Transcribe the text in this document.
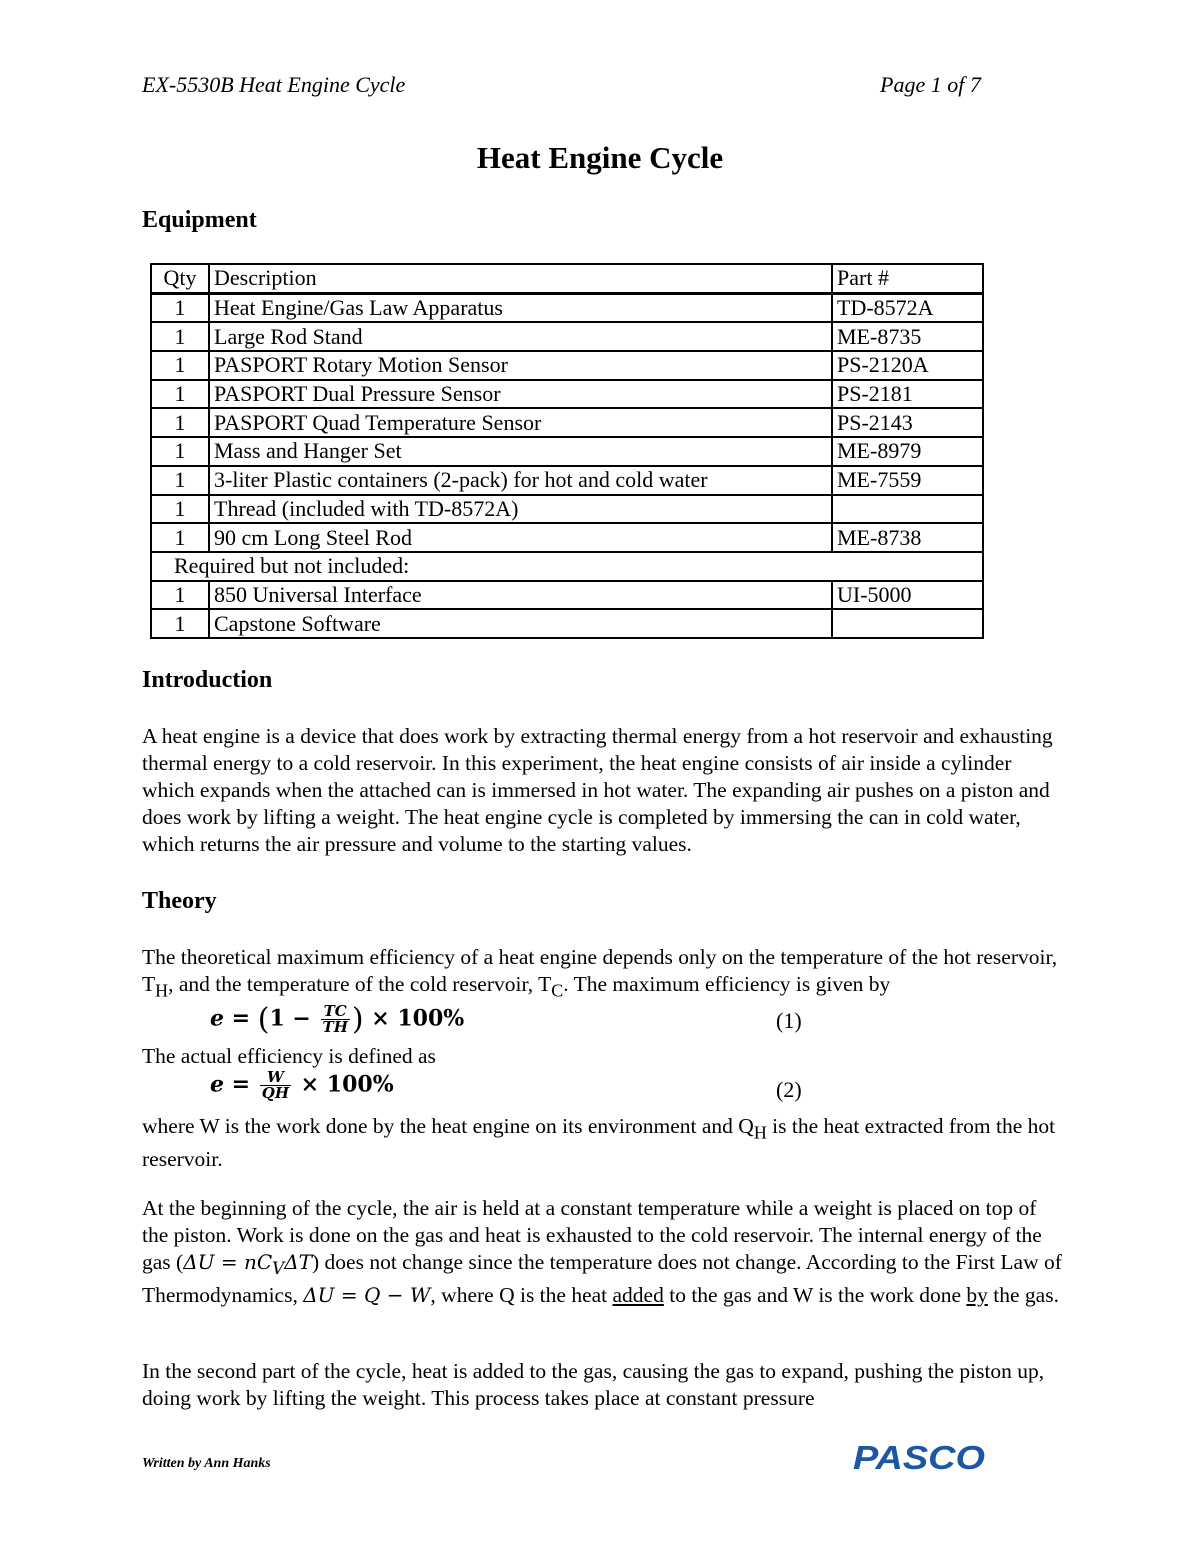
EX-5530B Heat Engine Cycle	Page 1 of 7
Heat Engine Cycle
Equipment
Qty	Description	Part #
1	Heat Engine/Gas Law Apparatus	TD-8572A
1	Large Rod Stand	ME-8735
1	PASPORT Rotary Motion Sensor	PS-2120A
1	PASPORT Dual Pressure Sensor	PS-2181
1	PASPORT Quad Temperature Sensor	PS-2143
1	Mass and Hanger Set	ME-8979
1	3-liter Plastic containers (2-pack) for hot and cold water	ME-7559
1	Thread (included with TD-8572A)	
1	90 cm Long Steel Rod	ME-8738
Required but not included:		
1	850 Universal Interface	UI-5000
1	Capstone Software	
Introduction

A heat engine is a device that does work by extracting thermal energy from a hot reservoir and exhausting thermal energy to a cold reservoir. In this experiment, the heat engine consists of air inside a cylinder which expands when the attached can is immersed in hot water. The expanding air pushes on a piston and does work by lifting a weight. The heat engine cycle is completed by immersing the can in cold water, which returns the air pressure and volume to the starting values.

Theory

The theoretical maximum efficiency of a heat engine depends only on the temperature of the hot reservoir, $T_H$, and the temperature of the cold reservoir, $T_C$. The maximum efficiency is given by

$e = (1 - \frac{TC}{TH}$ ) × 100%	(1)
The actual efficiency is defined as
$e = \frac{W}{QH} \times 100\%$	(2)

where W is the work done by the heat engine on its environment and $Q_H$ is the heat extracted from the hot reservoir.

At the beginning of the cycle, the air is held at a constant temperature while a weight is placed on top of the piston. Work is done on the gas and heat is exhausted to the cold reservoir. The internal energy of the gas $(\Delta U = nC_V\Delta T)$ does not change since the temperature does not change. According to the First Law of Thermodynamics, ΔU = Q − W, where Q is the heat added to the gas and W is the work done by the gas.

In the second part of the cycle, heat is added to the gas, causing the gas to expand, pushing the piston up, doing work by lifting the weight. This process takes place at constant pressure

Written by Ann Hanks	PASCO
